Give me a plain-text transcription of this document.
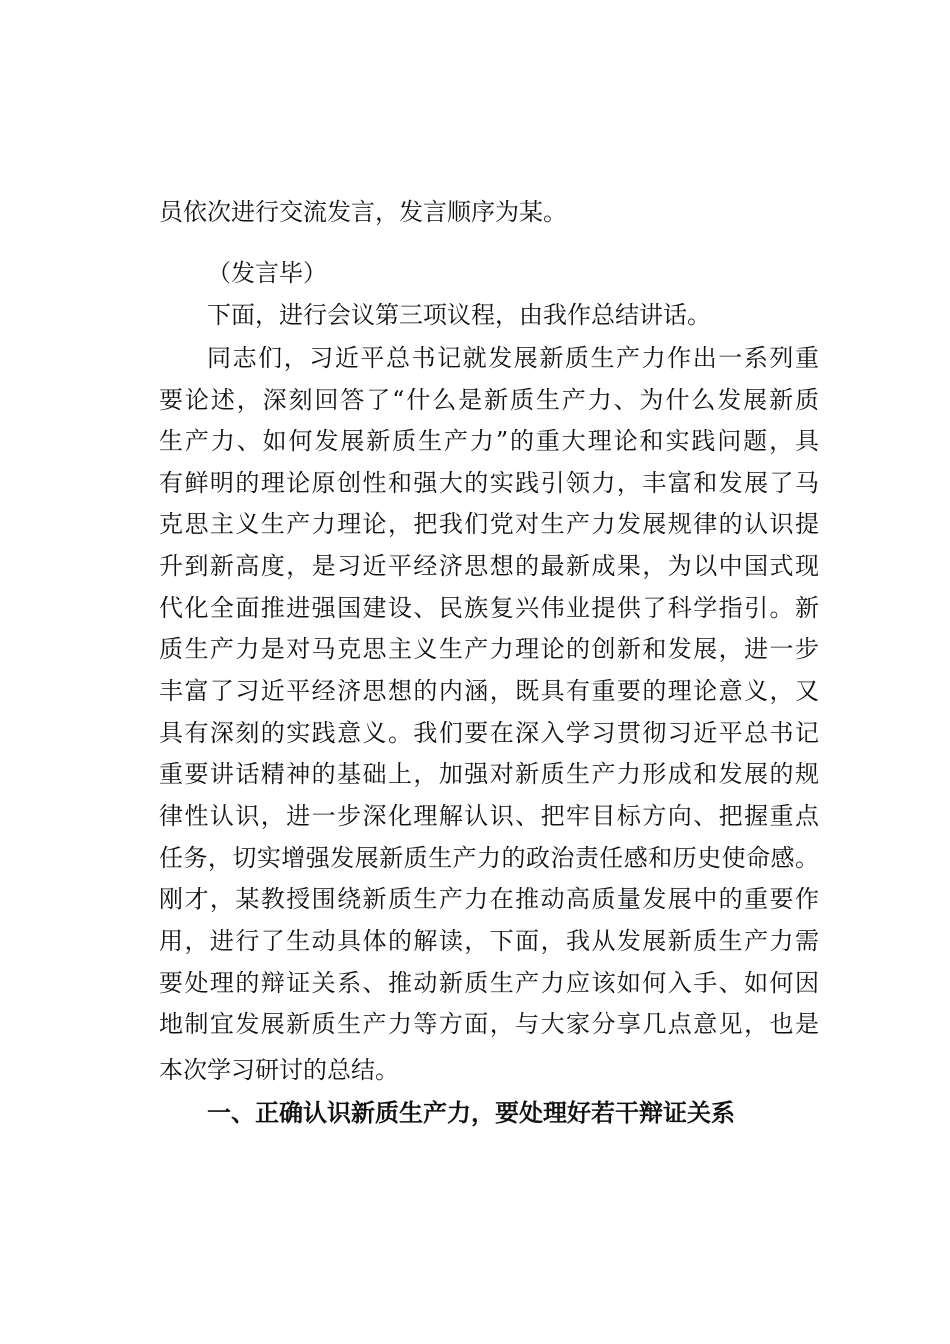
员依次进行交流发言，发言顺序为某。
（发言毕）
下面，进行会议第三项议程，由我作总结讲话。
同志们，习近平总书记就发展新质生产力作出一系列重
要论述，深刻回答了“什么是新质生产力、为什么发展新质
生产力、如何发展新质生产力”的重大理论和实践问题，具
有鲜明的理论原创性和强大的实践引领力，丰富和发展了马
克思主义生产力理论，把我们党对生产力发展规律的认识提
升到新高度，是习近平经济思想的最新成果，为以中国式现
代化全面推进强国建设、民族复兴伟业提供了科学指引。新
质生产力是对马克思主义生产力理论的创新和发展，进一步
丰富了习近平经济思想的内涵，既具有重要的理论意义，又
具有深刻的实践意义。我们要在深入学习贯彻习近平总书记
重要讲话精神的基础上，加强对新质生产力形成和发展的规
律性认识，进一步深化理解认识、把牢目标方向、把握重点
任务，切实增强发展新质生产力的政治责任感和历史使命感。
刚才，某教授围绕新质生产力在推动高质量发展中的重要作
用，进行了生动具体的解读，下面，我从发展新质生产力需
要处理的辩证关系、推动新质生产力应该如何入手、如何因
地制宜发展新质生产力等方面，与大家分享几点意见，也是
本次学习研讨的总结。
一、正确认识新质生产力，要处理好若干辩证关系
